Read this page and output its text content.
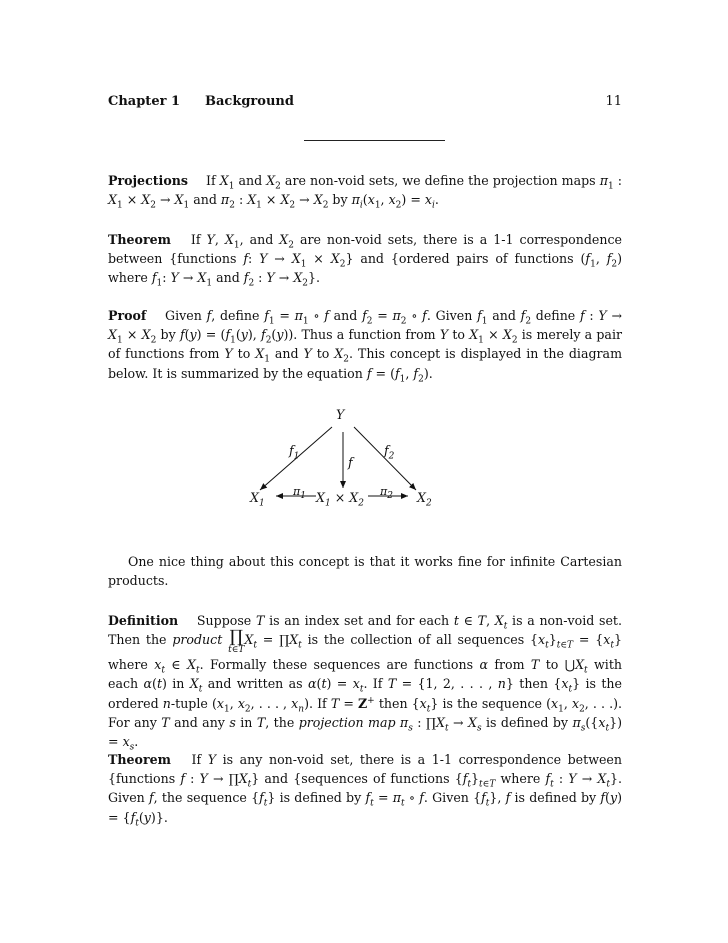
Chapter 1 Background	11
Projections If $X_1$ and $X_2$ are non-void sets, we define the projection maps $\pi_1$ : $X_1 \times X_2 \to X_1$ and $\pi_2$ : $X_1 \times X_2 \to X_2$ by $\pi_i(x_1$, $x_2) = x_i$.
Theorem If Y, $X_1$, and $X_2$ are non-void sets, there is a 1-1 correspondence between {functions f: $Y \to X_1 \times X_2$} and {ordered pairs of functions ($f_1$, $f_2$) where $f_1$: $Y \to X_1$ and $f_2$ : $Y \to X_2$}.
Proof Given f, define $f_1 = \pi_1$ ∘ f and $f_2 = \pi_2$ ∘ f. Given $f_1$ and $f_2$ define f : $Y \to X_1 \times X_2$ by $f(y) = (f_1(y)$, $f_2(y)$). Thus a function from Y to $X_1 \times X_2$ is merely a pair of functions from Y to $X_1$ and Y to $X_2$. This concept is displayed in the diagram below. It is summarized by the equation $f = (f_1$, $f_2$).
Y
$X_1$	$X_1 \times X_2$	$X_2$
$f_1$	f
$f_2$
$\pi_1$	$\pi_2$
One nice thing about this concept is that it works fine for infinite Cartesian products.
Definition Suppose T is an index set and for each t ∈ T, $X_t$ is a non-void set. Then the product ∏
t∈T
$X_t$ = $\prod X_t$ is the collection of all sequences $\{x_t\}_{t\in T} = \{x_t\}$ where $x_t$ ∈ $X_t$. Formally these sequences are functions α from T to $⋃X_t$ with each α(t) in $X_t$ and written as $\alpha(t) = x_t$. If T = {1, 2, . . . , n} then $\{x_t\}$ is the ordered n-tuple ($x_1$, $x_2$, . . . , $x_n$). If T = Z+ then $\{x_t\}$ is the sequence ($x_1$, $x_2$, . . .). For any T and any s in T, the projection map $\pi_s$ : $\prod X_t \to X_s$ is defined by $\pi_s(\{x_t\}) = x_s$.
Theorem If Y is any non-void set, there is a 1-1 correspondence between {functions f : $Y \to \prod X_t$} and {sequences of functions $\{f_t\}_{t\in T}$ where $f_t$ : $Y \to X_t$}. Given f, the sequence $\{f_t\}$ is defined by $f_t = \pi_t$ ∘ f. Given $\{f_t\}$, f is defined by $f(y) = \{f_t(y)\}$.
